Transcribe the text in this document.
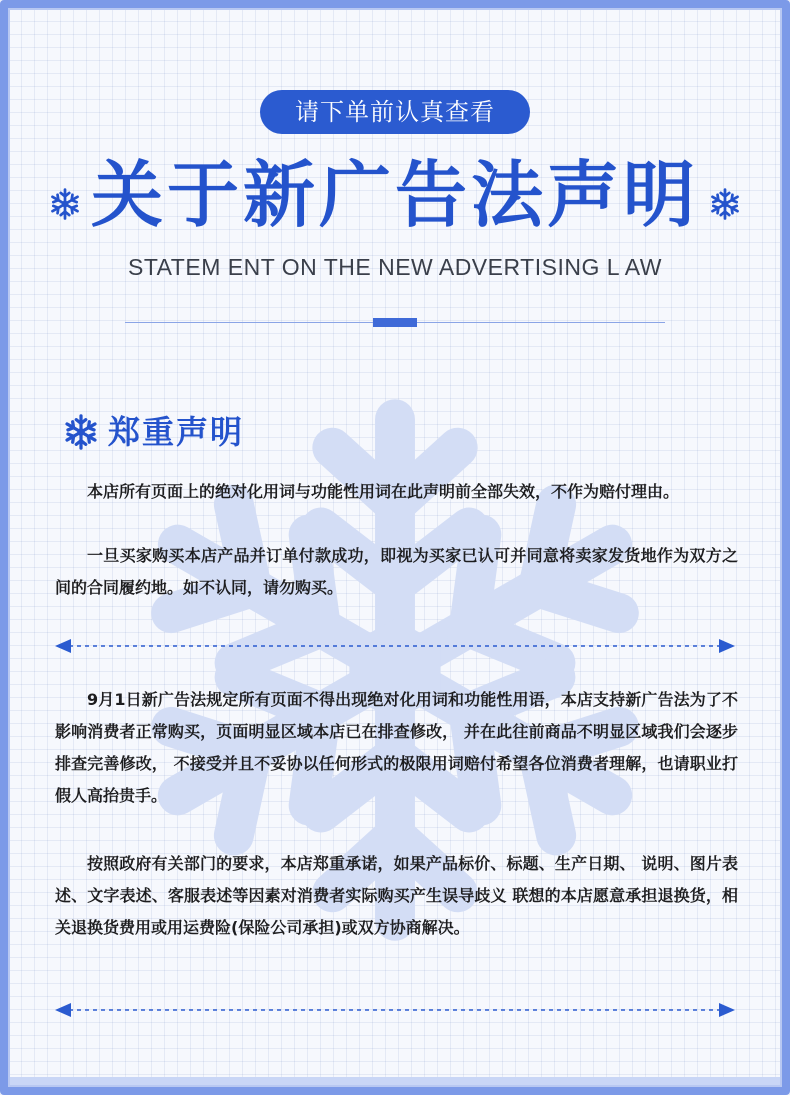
请下单前认真查看
关于新广告法声明
STATEM ENT ON THE NEW ADVERTISING L AW
郑重声明

本店所有页面上的绝对化用词与功能性用词在此声明前全部失效，不作为赔付理由。

一旦买家购买本店产品并订单付款成功，即视为买家已认可并同意将卖家发货地作为双方之间的合同履约地。如不认同，请勿购买。

9月1日新广告法规定所有页面不得出现绝对化用词和功能性用语，本店支持新广告法为了不影响消费者正常购买，页面明显区域本店已在排查修改， 并在此往前商品不明显区域我们会逐步排查完善修改， 不接受并且不妥协以任何形式的极限用词赔付希望各位消费者理解，也请职业打假人高抬贵手。

按照政府有关部门的要求，本店郑重承诺，如果产品标价、标题、生产日期、 说明、图片表述、文字表述、客服表述等因素对消费者实际购买产生误导歧义 联想的本店愿意承担退换货，相关退换货费用或用运费险(保险公司承担)或双方协商解决。
